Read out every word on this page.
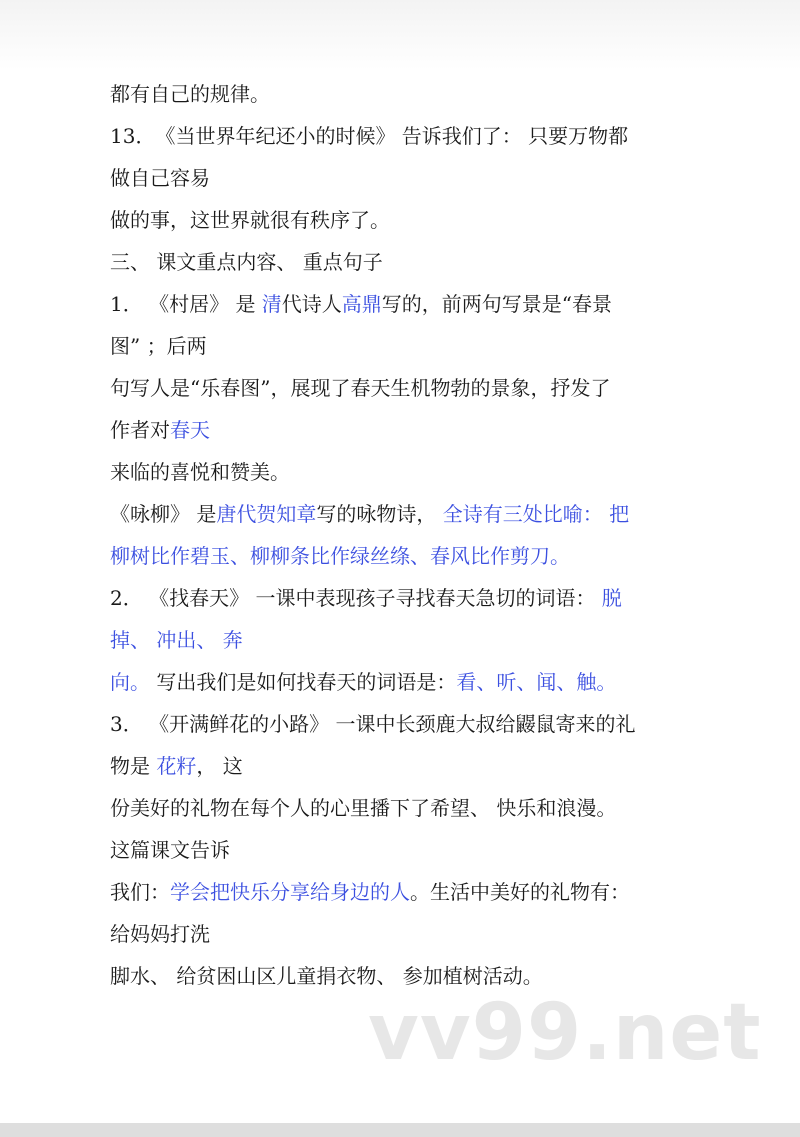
都有自己的规律。
13．　《当世界年纪还小的时候》 告诉我们了： 只要万物都
做自己容易
做的事，这世界就很有秩序了。
三、 课文重点内容、 重点句子
1． 《村居》 是 清代诗人高鼎写的，前两句写景是“春景
图” ；后两
句写人是“乐春图”，展现了春天生机物勃的景象，抒发了
作者对春天
来临的喜悦和赞美。
《咏柳》 是唐代贺知章写的咏物诗， 全诗有三处比喻： 把
柳树比作碧玉、柳柳条比作绿丝绦、春风比作剪刀。
2． 《找春天》 一课中表现孩子寻找春天急切的词语： 脱
掉、 冲出、 奔
向。 写出我们是如何找春天的词语是：看、听、闻、触。
3． 《开满鲜花的小路》 一课中长颈鹿大叔给鼹鼠寄来的礼
物是 花籽， 这
份美好的礼物在每个人的心里播下了希望、 快乐和浪漫。
这篇课文告诉
我们：学会把快乐分享给身边的人。生活中美好的礼物有：
给妈妈打洗
脚水、 给贫困山区儿童捐衣物、 参加植树活动。
vv99.net
